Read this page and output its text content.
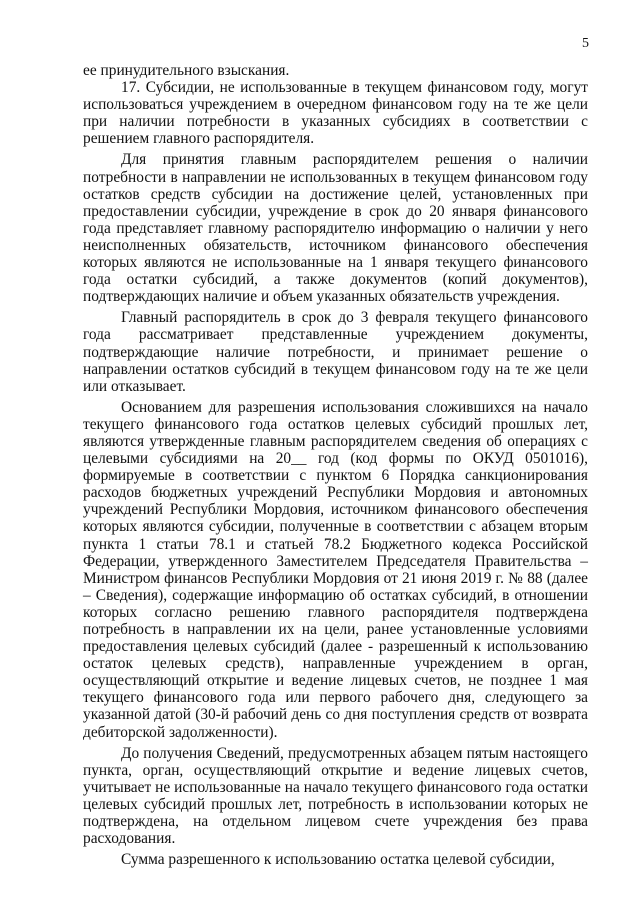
5

ее принудительного взыскания.

17. Субсидии, не использованные в текущем финансовом году, могут использоваться учреждением в очередном финансовом году на те же цели при наличии потребности в указанных субсидиях в соответствии с решением главного распорядителя.

Для принятия главным распорядителем решения о наличии потребности в направлении не использованных в текущем финансовом году остатков средств субсидии на достижение целей, установленных при предоставлении субсидии, учреждение в срок до 20 января финансового года представляет главному распорядителю информацию о наличии у него неисполненных обязательств, источником финансового обеспечения которых являются не использованные на 1 января текущего финансового года остатки субсидий, а также документов (копий документов), подтверждающих наличие и объем указанных обязательств учреждения.

Главный распорядитель в срок до 3 февраля текущего финансового года рассматривает представленные учреждением документы, подтверждающие наличие потребности, и принимает решение о направлении остатков субсидий в текущем финансовом году на те же цели или отказывает.

Основанием для разрешения использования сложившихся на начало текущего финансового года остатков целевых субсидий прошлых лет, являются утвержденные главным распорядителем сведения об операциях с целевыми субсидиями на 20__ год (код формы по ОКУД 0501016), формируемые в соответствии с пунктом 6 Порядка санкционирования расходов бюджетных учреждений Республики Мордовия и автономных учреждений Республики Мордовия, источником финансового обеспечения которых являются субсидии, полученные в соответствии с абзацем вторым пункта 1 статьи 78.1 и статьей 78.2 Бюджетного кодекса Российской Федерации, утвержденного Заместителем Председателя Правительства – Министром финансов Республики Мордовия от 21 июня 2019 г. № 88 (далее – Сведения), содержащие информацию об остатках субсидий, в отношении которых согласно решению главного распорядителя подтверждена потребность в направлении их на цели, ранее установленные условиями предоставления целевых субсидий (далее - разрешенный к использованию остаток целевых средств), направленные учреждением в орган, осуществляющий открытие и ведение лицевых счетов, не позднее 1 мая текущего финансового года или первого рабочего дня, следующего за указанной датой (30-й рабочий день со дня поступления средств от возврата дебиторской задолженности).

До получения Сведений, предусмотренных абзацем пятым настоящего пункта, орган, осуществляющий открытие и ведение лицевых счетов, учитывает не использованные на начало текущего финансового года остатки целевых субсидий прошлых лет, потребность в использовании которых не подтверждена, на отдельном лицевом счете учреждения без права расходования.

Сумма разрешенного к использованию остатка целевой субсидии,
